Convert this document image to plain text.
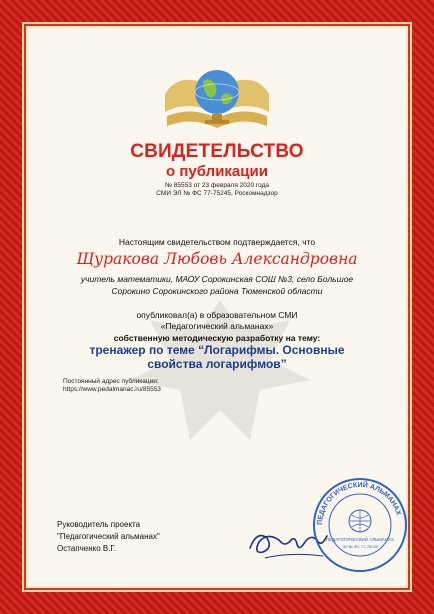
СВИДЕТЕЛЬСТВО
о публикации
№ 85553 от 23 февраля 2020 года
СМИ ЭЛ № ФС 77-75245, Роскомнадзор
Настоящим свидетельством подтверждается, что
Щуракова Любовь Александровна
учитель математики, МАОУ Сорокинская СОШ №3, село Большое Сорокино Сорокинского района Тюменской области
опубликовал(а) в образовательном СМИ
«Педагогический альманах»
собственную методическую разработку на тему:
тренажер по теме “Логарифмы. Основные свойства логарифмов”
Постоянный адрес публикации:
https://www.pedalmanac.ru/85553
Руководитель проекта
"Педагогический альманах"
Остапченко В.Г.
ПЕДАГОГИЧЕСКИЙ АЛЬМАНАХ
ПЕДАГОГИЧЕСКИЙ АЛЬМАНАХ
ЭЛ № ФС 77-75245
